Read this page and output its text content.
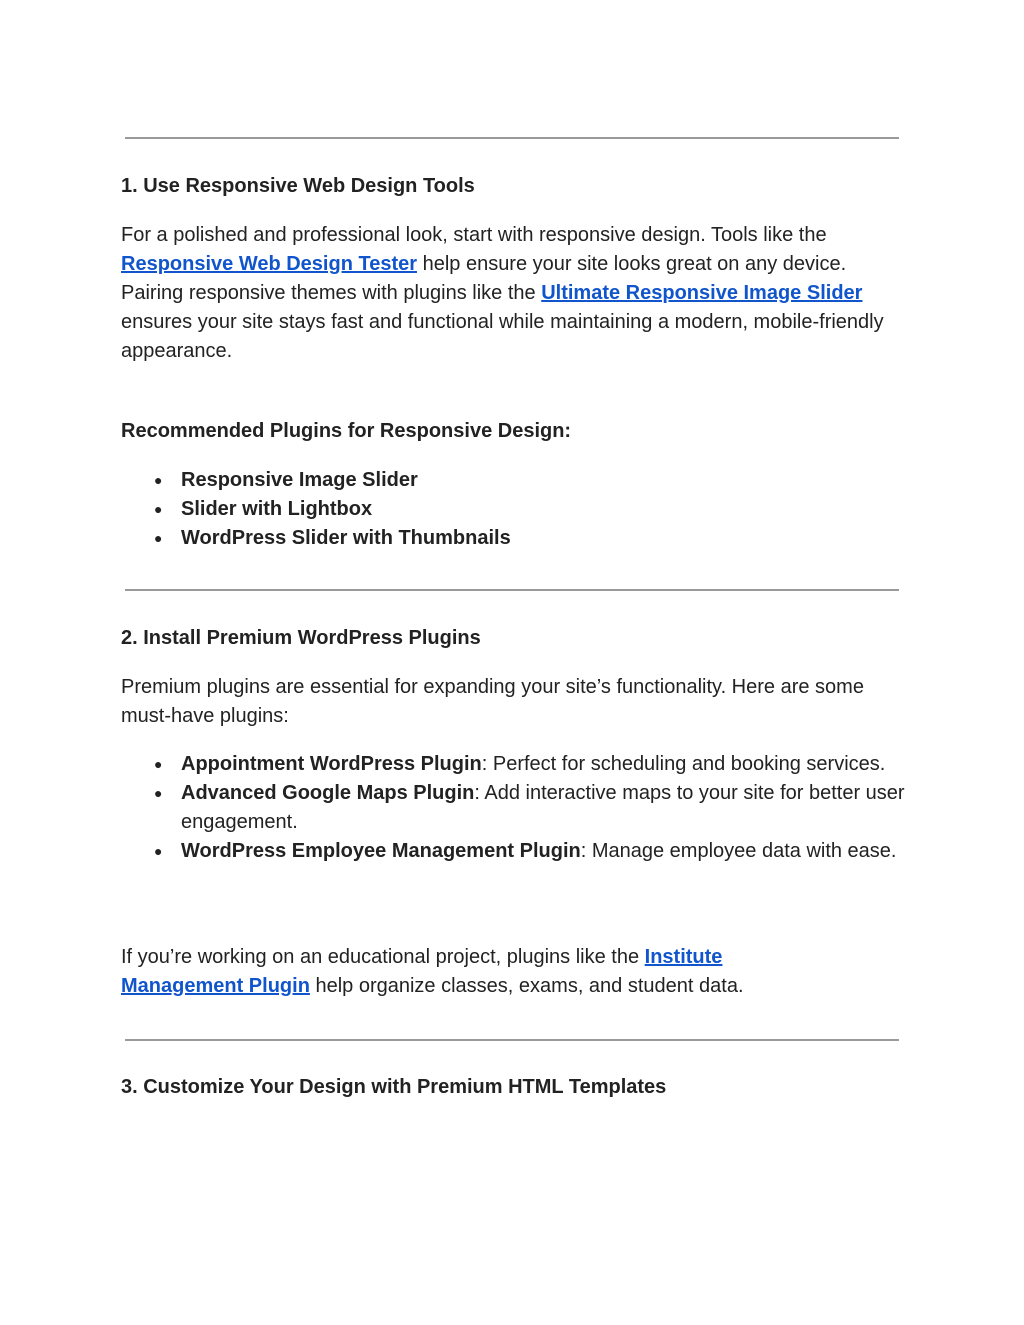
1. Use Responsive Web Design Tools

For a polished and professional look, start with responsive design. Tools like the Responsive Web Design Tester help ensure your site looks great on any device.
Pairing responsive themes with plugins like the Ultimate Responsive Image Slider ensures your site stays fast and functional while maintaining a modern, mobile-friendly appearance.

Recommended Plugins for Responsive Design:
● Responsive Image Slider
● Slider with Lightbox
● WordPress Slider with Thumbnails
2. Install Premium WordPress Plugins

Premium plugins are essential for expanding your site’s functionality. Here are some must-have plugins:

● Appointment WordPress Plugin: Perfect for scheduling and booking services.
● Advanced Google Maps Plugin: Add interactive maps to your site for better user engagement.
● WordPress Employee Management Plugin: Manage employee data with ease.

If you’re working on an educational project, plugins like the Institute Management Plugin help organize classes, exams, and student data.

3. Customize Your Design with Premium HTML Templates
